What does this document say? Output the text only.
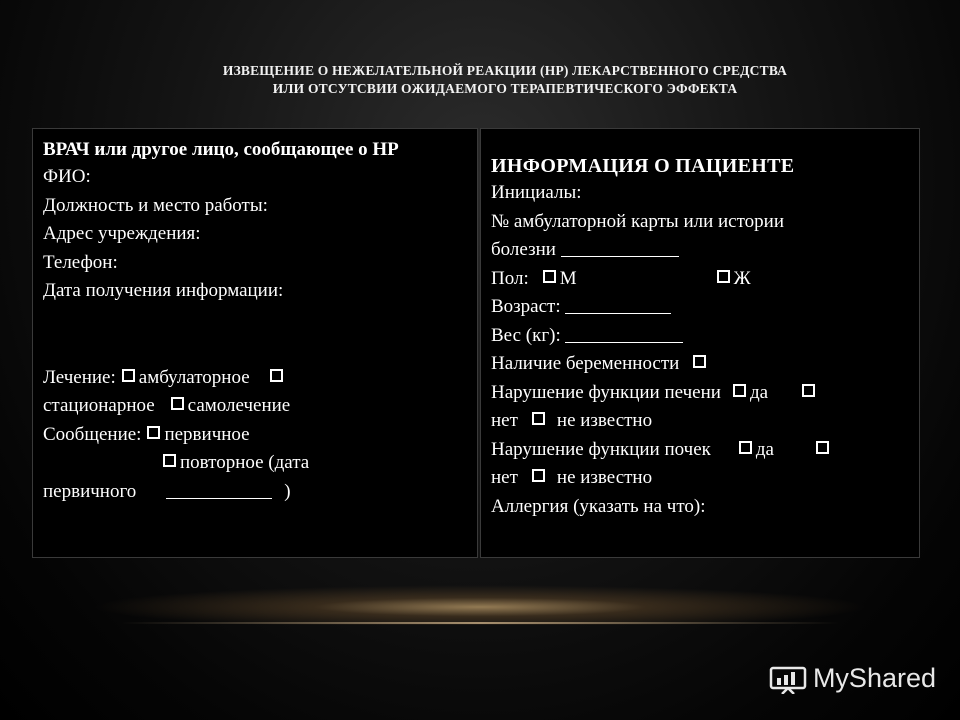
ИЗВЕЩЕНИЕ О НЕЖЕЛАТЕЛЬНОЙ РЕАКЦИИ (НР) ЛЕКАРСТВЕННОГО СРЕДСТВА
ИЛИ ОТСУТСВИИ ОЖИДАЕМОГО ТЕРАПЕВТИЧЕСКОГО ЭФФЕКТА
ВРАЧ или другое лицо, сообщающее о НР
ФИО:
Должность и место работы:
Адрес учреждения:
Телефон:
Дата получения информации:
Лечение: амбулаторное
стационарное самолечение
Сообщение: первичное
повторное (дата
первичного	)
ИНФОРМАЦИЯ О ПАЦИЕНТЕ
Инициалы:
№ амбулаторной карты или истории
болезни
Пол: М	Ж
Возраст:
Вес (кг):
Наличие беременности
Нарушение функции печени да
нет не известно
Нарушение функции почек да
нет не известно
Аллергия (указать на что):
MyShared
